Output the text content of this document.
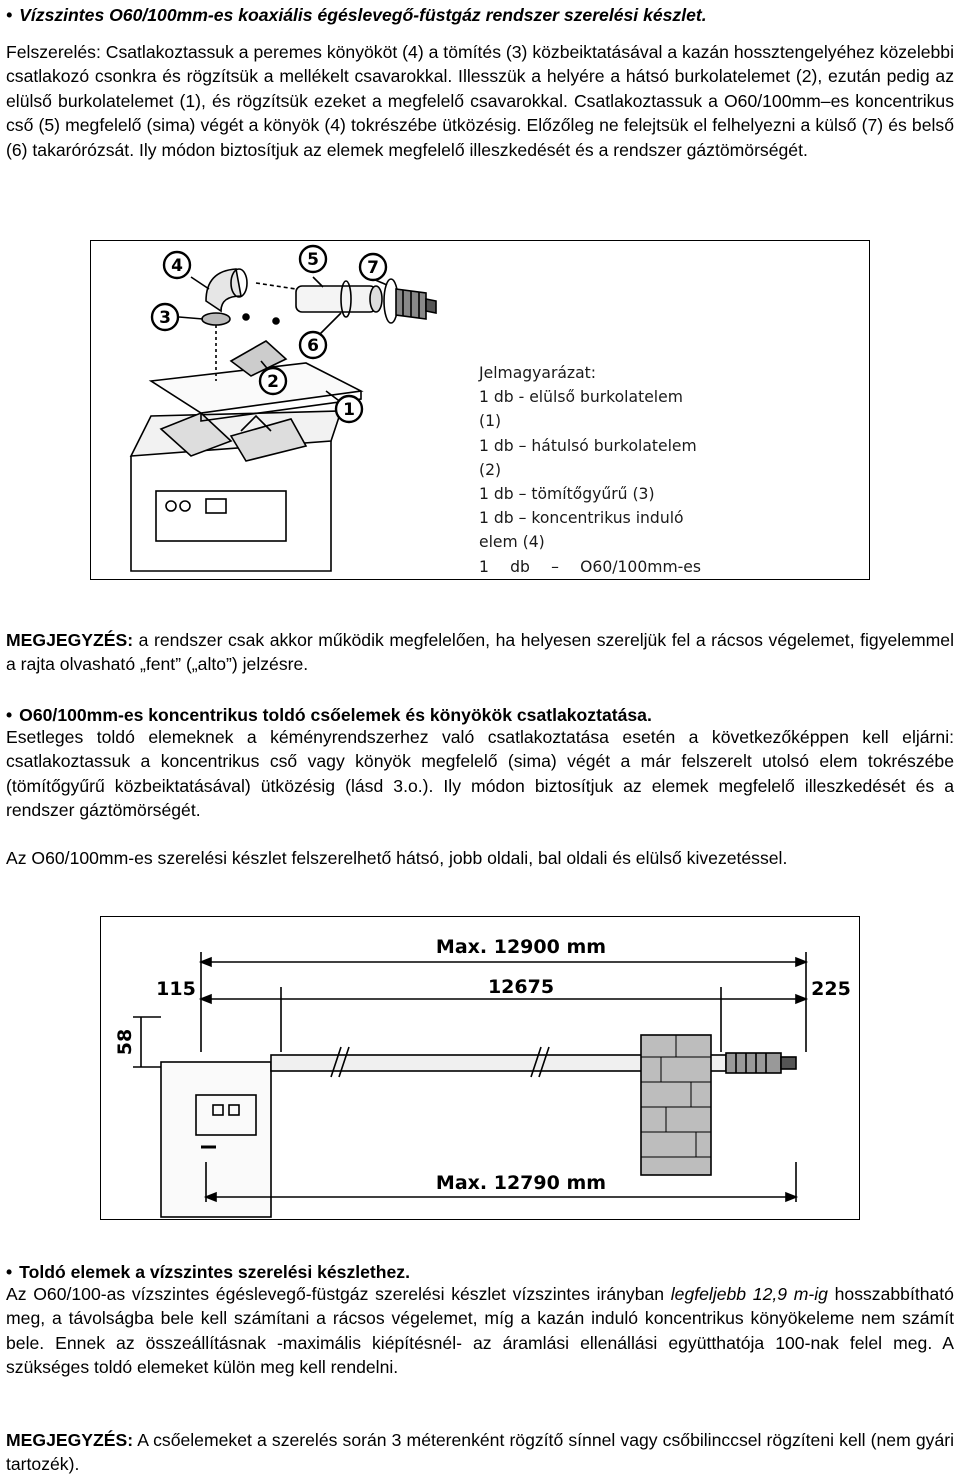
• Vízszintes O60/100mm-es koaxiális égéslevegő-füstgáz rendszer szerelési készlet.

Felszerelés: Csatlakoztassuk a peremes könyököt (4) a tömítés (3) közbeiktatásával a kazán hossztengelyéhez közelebbi csatlakozó csonkra és rögzítsük a mellékelt csavarokkal. Illesszük a helyére a hátsó burkolatelemet (2), ezután pedig az elülső burkolatelemet (1), és rögzítsük ezeket a megfelelő csavarokkal. Csatlakoztassuk a O60/100mm–es koncentrikus cső (5) megfelelő (sima) végét a könyök (4) tokrészébe ütközésig. Előzőleg ne felejtsük el felhelyezni a külső (7) és belső (6) takarórózsát. Ily módon biztosítjuk az elemek megfelelő illeszkedését és a rendszer gáztömörségét.

4	5	7
3
6
2
1
Jelmagyarázat:
1 db - elülső burkolatelem (1)
1 db – hátulsó burkolatelem (2)
1 db – tömítőgyűrű (3)
1 db – koncentrikus induló elem (4)
1 db – O60/100mm-es

MEGJEGYZÉS: a rendszer csak akkor működik megfelelően, ha helyesen szereljük fel a rácsos végelemet, figyelemmel a rajta olvasható „fent” („alto”) jelzésre.

• O60/100mm-es koncentrikus toldó csőelemek és könyökök csatlakoztatása.

Esetleges toldó elemeknek a kéményrendszerhez való csatlakoztatása esetén a következőképpen kell eljárni: csatlakoztassuk a koncentrikus cső vagy könyök megfelelő (sima) végét a már felszerelt utolsó elem tokrészébe (tömítőgyűrű közbeiktatásával) ütközésig (lásd 3.o.). Ily módon biztosítjuk az elemek megfelelő illeszkedését és a rendszer gáztömörségét.

Az O60/100mm-es szerelési készlet felszerelhető hátsó, jobb oldali, bal oldali és elülső kivezetéssel.

Max. 12900 mm
115	12675	225
58
Max. 12790 mm

• Toldó elemek a vízszintes szerelési készlethez.

Az O60/100-as vízszintes égéslevegő-füstgáz szerelési készlet vízszintes irányban legfeljebb 12,9 m-ig hosszabbítható meg, a távolságba bele kell számítani a rácsos végelemet, míg a kazán induló koncentrikus könyökeleme nem számít bele. Ennek az összeállításnak -maximális kiépítésnél- az áramlási ellenállási együtthatója 100-nak felel meg. A szükséges toldó elemeket külön meg kell rendelni.

MEGJEGYZÉS: A csőelemeket a szerelés során 3 méterenként rögzítő sínnel vagy csőbilinccsel rögzíteni kell (nem gyári tartozék).
